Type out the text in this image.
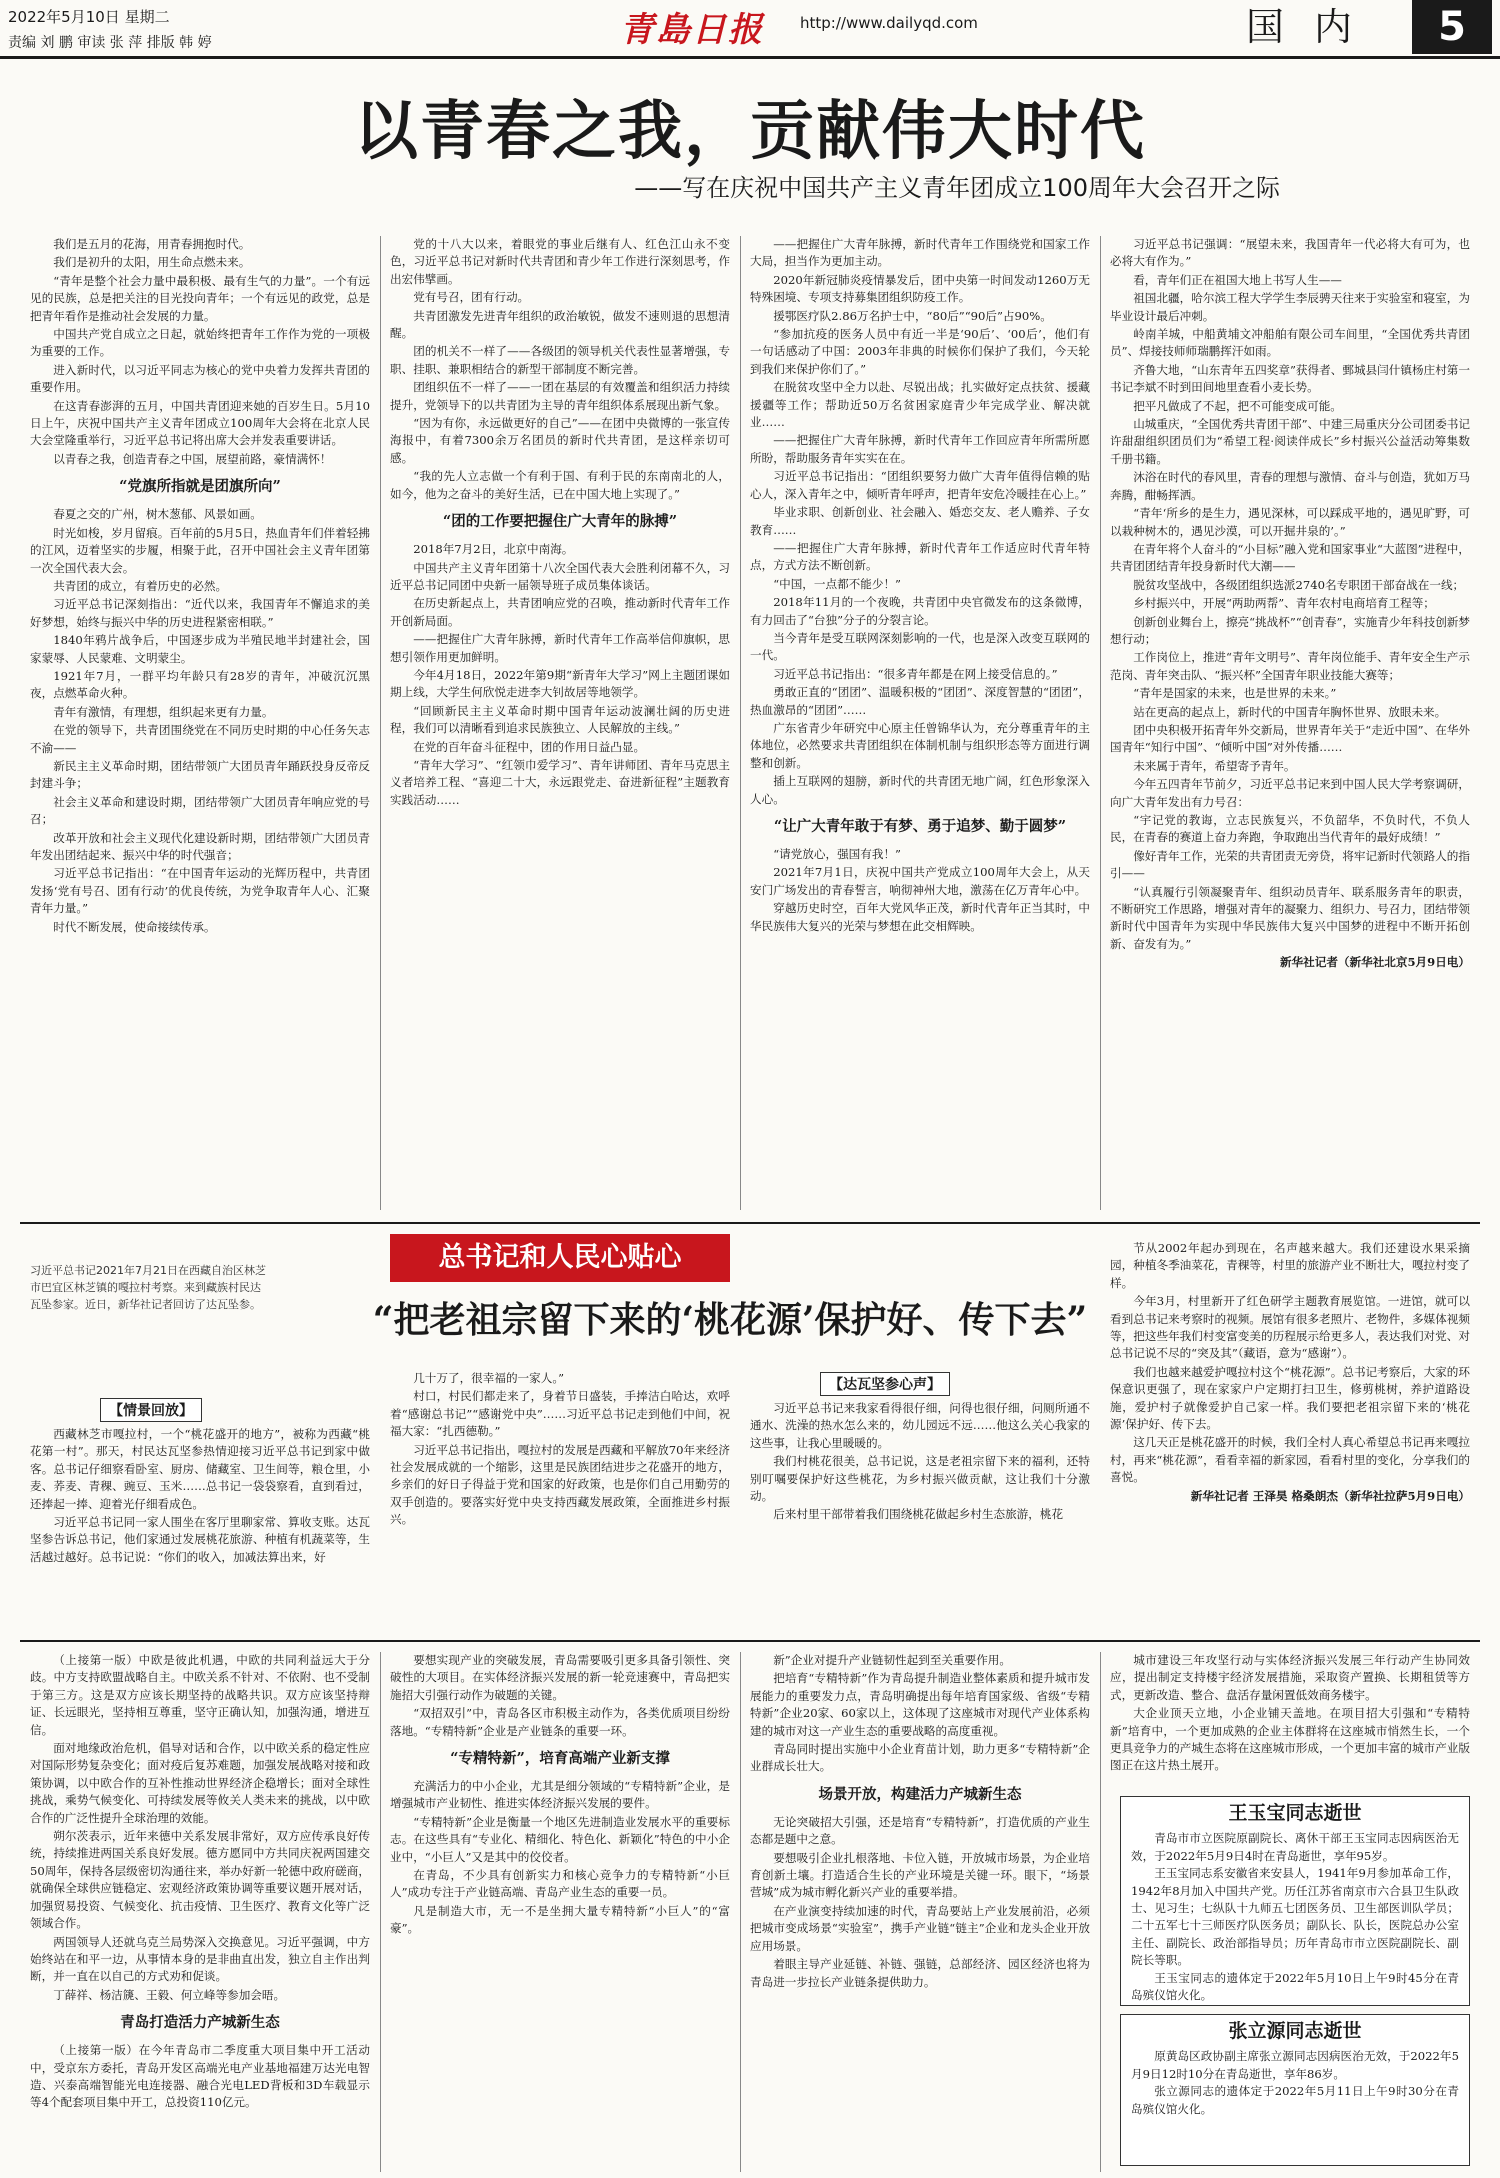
2022年5月10日 星期二
责编 刘 鹏 审读 张 萍 排版 韩 婷	青島日报 http://www.dailyqd.com	国内	5
以青春之我，贡献伟大时代
——写在庆祝中国共产主义青年团成立100周年大会召开之际

我们是五月的花海，用青春拥抱时代。

我们是初升的太阳，用生命点燃未来。

“青年是整个社会力量中最积极、最有生气的力量”。一个有远见的民族，总是把关注的目光投向青年；一个有远见的政党，总是把青年看作是推动社会发展的力量。

中国共产党自成立之日起，就始终把青年工作作为党的一项极为重要的工作。

进入新时代，以习近平同志为核心的党中央着力发挥共青团的重要作用。

在这青春澎湃的五月，中国共青团迎来她的百岁生日。5月10日上午，庆祝中国共产主义青年团成立100周年大会将在北京人民大会堂隆重举行，习近平总书记将出席大会并发表重要讲话。

以青春之我，创造青春之中国，展望前路，豪情满怀！

“党旗所指就是团旗所向”

春夏之交的广州，树木葱郁、风景如画。

时光如梭，岁月留痕。百年前的5月5日，热血青年们伴着轻拂的江风，迈着坚实的步履，相聚于此，召开中国社会主义青年团第一次全国代表大会。

共青团的成立，有着历史的必然。

习近平总书记深刻指出：“近代以来，我国青年不懈追求的美好梦想，始终与振兴中华的历史进程紧密相联。”

1840年鸦片战争后，中国逐步成为半殖民地半封建社会，国家蒙辱、人民蒙难、文明蒙尘。

1921年7月，一群平均年龄只有28岁的青年，冲破沉沉黑夜，点燃革命火种。

青年有激情，有理想，组织起来更有力量。

在党的领导下，共青团围绕党在不同历史时期的中心任务矢志不渝——

新民主主义革命时期，团结带领广大团员青年踊跃投身反帝反封建斗争；

社会主义革命和建设时期，团结带领广大团员青年响应党的号召；

改革开放和社会主义现代化建设新时期，团结带领广大团员青年发出团结起来、振兴中华的时代强音；

习近平总书记指出：“在中国青年运动的光辉历程中，共青团发扬‘党有号召、团有行动’的优良传统，为党争取青年人心、汇聚青年力量。”

时代不断发展，使命接续传承。

党的十八大以来，着眼党的事业后继有人、红色江山永不变色，习近平总书记对新时代共青团和青少年工作进行深刻思考，作出宏伟擘画。

党有号召，团有行动。

共青团激发先进青年组织的政治敏锐，做发不速则退的思想清醒。

团的机关不一样了——各级团的领导机关代表性显著增强，专职、挂职、兼职相结合的新型干部制度不断完善。

团组织伍不一样了——一团在基层的有效覆盖和组织活力持续提升，党领导下的以共青团为主导的青年组织体系展现出新气象。

“因为有你，永远做更好的自己”——在团中央微博的一张宣传海报中，有着7300余万名团员的新时代共青团，是这样亲切可感。

“我的先人立志做一个有利于国、有利于民的东南南北的人，如今，他为之奋斗的美好生活，已在中国大地上实现了。”

“团的工作要把握住广大青年的脉搏”

2018年7月2日，北京中南海。

中国共产主义青年团第十八次全国代表大会胜利闭幕不久，习近平总书记同团中央新一届领导班子成员集体谈话。

在历史新起点上，共青团响应党的召唤，推动新时代青年工作开创新局面。

——把握住广大青年脉搏，新时代青年工作高举信仰旗帜，思想引领作用更加鲜明。

今年4月18日，2022年第9期“新青年大学习”网上主题团课如期上线，大学生何欣悦走进李大钊故居等地领学。

“回顾新民主主义革命时期中国青年运动波澜壮阔的历史进程，我们可以清晰看到追求民族独立、人民解放的主线。”

在党的百年奋斗征程中，团的作用日益凸显。

“青年大学习”、“红领巾爱学习”、青年讲师团、青年马克思主义者培养工程、“喜迎二十大，永远跟党走、奋进新征程”主题教育实践活动……

——把握住广大青年脉搏，新时代青年工作围绕党和国家工作大局，担当作为更加主动。

2020年新冠肺炎疫情暴发后，团中央第一时间发动1260万无特殊困境、专项支持募集团组织防疫工作。

援鄂医疗队2.86万名护士中，“80后”“90后”占90%。

“参加抗疫的医务人员中有近一半是‘90后’、‘00后’，他们有一句话感动了中国：2003年非典的时候你们保护了我们，今天轮到我们来保护你们了。”

在脱贫攻坚中全力以赴、尽锐出战；扎实做好定点扶贫、援藏援疆等工作；帮助近50万名贫困家庭青少年完成学业、解决就业……

——把握住广大青年脉搏，新时代青年工作回应青年所需所愿所盼，帮助服务青年实实在在。

习近平总书记指出：“团组织要努力做广大青年值得信赖的贴心人，深入青年之中，倾听青年呼声，把青年安危冷暖挂在心上。”

毕业求职、创新创业、社会融入、婚恋交友、老人赡养、子女教育……

——把握住广大青年脉搏，新时代青年工作适应时代青年特点，方式方法不断创新。

“中国，一点都不能少！”

2018年11月的一个夜晚，共青团中央官微发布的这条微博，有力回击了“台独”分子的分裂言论。

当今青年是受互联网深刻影响的一代，也是深入改变互联网的一代。

习近平总书记指出：“很多青年都是在网上接受信息的。”

勇敢正直的“团团”、温暖积极的“团团”、深度智慧的“团团”，热血激昂的“团团”……

广东省青少年研究中心原主任曾锦华认为，充分尊重青年的主体地位，必然要求共青团组织在体制机制与组织形态等方面进行调整和创新。

插上互联网的翅膀，新时代的共青团无地广阔，红色形象深入人心。

“让广大青年敢于有梦、勇于追梦、勤于圆梦”

“请党放心，强国有我！”

2021年7月1日，庆祝中国共产党成立100周年大会上，从天安门广场发出的青春誓言，响彻神州大地，激荡在亿万青年心中。

穿越历史时空，百年大党风华正茂，新时代青年正当其时，中华民族伟大复兴的光荣与梦想在此交相辉映。

习近平总书记强调：“展望未来，我国青年一代必将大有可为，也必将大有作为。”

看，青年们正在祖国大地上书写人生——

祖国北疆，哈尔滨工程大学学生李辰骋天往来于实验室和寝室，为毕业设计最后冲刺。

岭南羊城，中船黄埔文冲船舶有限公司车间里，“全国优秀共青团员”、焊接技师师瑞鹏挥汗如雨。

齐鲁大地，“山东青年五四奖章”获得者、鄄城县闫什镇杨庄村第一书记李斌不时到田间地里查看小麦长势。

把平凡做成了不起，把不可能变成可能。

山城重庆，“全国优秀共青团干部”、中建三局重庆分公司团委书记许甜甜组织团员们为“希望工程·阅读伴成长”乡村振兴公益活动筹集数千册书籍。

沐浴在时代的春风里，青春的理想与激情、奋斗与创造，犹如万马奔腾，酣畅挥洒。

“青年‘所乡的是生力，遇见深林，可以踩成平地的，遇见旷野，可以栽种树木的，遇见沙漠，可以开掘井泉的’。”

在青年将个人奋斗的“小目标”融入党和国家事业“大蓝图”进程中，共青团团结青年投身新时代大潮——

脱贫攻坚战中，各级团组织选派2740名专职团干部奋战在一线；

乡村振兴中，开展“两助两帮”、青年农村电商培育工程等；

创新创业舞台上，擦亮“挑战杯”“创青春”，实施青少年科技创新梦想行动；

工作岗位上，推进“青年文明号”、青年岗位能手、青年安全生产示范岗、青年突击队、“振兴杯”全国青年职业技能大赛等；

“青年是国家的未来，也是世界的未来。”

站在更高的起点上，新时代的中国青年胸怀世界、放眼未来。

团中央积极开拓青年外交新局，世界青年关于“走近中国”、在华外国青年“知行中国”、“倾听中国”对外传播……

未来属于青年，希望寄予青年。

今年五四青年节前夕，习近平总书记来到中国人民大学考察调研，向广大青年发出有力号召：

“宇记党的教诲，立志民族复兴，不负韶华，不负时代，不负人民，在青春的赛道上奋力奔跑，争取跑出当代青年的最好成绩！”

像好青年工作，光荣的共青团责无旁贷，将牢记新时代领路人的指引——

“认真履行引领凝聚青年、组织动员青年、联系服务青年的职责，不断研究工作思路，增强对青年的凝聚力、组织力、号召力，团结带领新时代中国青年为实现中华民族伟大复兴中国梦的进程中不断开拓创新、奋发有为。”

新华社记者（新华社北京5月9日电）

习近平总书记2021年7月21日在西藏自治区林芝市巴宜区林芝镇的嘎拉村考察。来到藏族村民达瓦坠参家。近日，新华社记者回访了达瓦坠参。
总书记和人民心贴心
“把老祖宗留下来的‘桃花源’保护好、传下去”
【情景回放】

西藏林芝市嘎拉村，一个“桃花盛开的地方”，被称为西藏“桃花第一村”。那天，村民达瓦坚参热情迎接习近平总书记到家中做客。总书记仔细察看卧室、厨房、储藏室、卫生间等，粮仓里，小麦、荞麦、青稞、豌豆、玉米……总书记一袋袋察看，直到看过，还捧起一捧、迎着光仔细看成色。

习近平总书记同一家人围坐在客厅里聊家常、算收支账。达瓦坚参告诉总书记，他们家通过发展桃花旅游、种植有机蔬菜等，生活越过越好。总书记说：“你们的收入，加减法算出来，好

几十万了，很幸福的一家人。”

村口，村民们都走来了，身着节日盛装，手捧洁白哈达，欢呼着“感谢总书记”“感谢党中央”……习近平总书记走到他们中间，祝福大家：“扎西德勒。”

习近平总书记指出，嘎拉村的发展是西藏和平解放70年来经济社会发展成就的一个缩影，这里是民族团结进步之花盛开的地方，乡亲们的好日子得益于党和国家的好政策，也是你们自己用勤劳的双手创造的。要落实好党中央支持西藏发展政策，全面推进乡村振兴。

【达瓦坚参心声】

习近平总书记来我家看得很仔细，问得也很仔细，问厕所通不通水、洗澡的热水怎么来的，幼儿园远不远……他这么关心我家的这些事，让我心里暖暖的。

我们村桃花很美，总书记说，这是老祖宗留下来的福利，还特别叮嘱要保护好这些桃花，为乡村振兴做贡献，这让我们十分激动。

后来村里干部带着我们围绕桃花做起乡村生态旅游，桃花

节从2002年起办到现在，名声越来越大。我们还建设水果采摘园，种植冬季油菜花，青稞等，村里的旅游产业不断壮大，嘎拉村变了样。

今年3月，村里新开了红色研学主题教育展览馆。一进馆，就可以看到总书记来考察时的视频。展馆有很多老照片、老物件，多媒体视频等，把这些年我们村变富变美的历程展示给更多人，表达我们对党、对总书记说不尽的“突及其”（藏语，意为“感谢”）。

我们也越来越爱护嘎拉村这个“桃花源”。总书记考察后，大家的环保意识更强了，现在家家户户定期打扫卫生，修剪桃树，养护道路设施，爱护村子就像爱护自己家一样。我们要把老祖宗留下来的‘桃花源’保护好、传下去。

这几天正是桃花盛开的时候，我们全村人真心希望总书记再来嘎拉村，再来“桃花源”，看看幸福的新家园，看看村里的变化，分享我们的喜悦。

新华社记者 王泽昊 格桑朗杰（新华社拉萨5月9日电）

（上接第一版）中欧是彼此机遇，中欧的共同利益远大于分歧。中方支持欧盟战略自主。中欧关系不针对、不依附、也不受制于第三方。这是双方应该长期坚持的战略共识。双方应该坚持辩证、长远眼光，坚持相互尊重，坚守正确认知，加强沟通，增进互信。

面对地缘政治危机，倡导对话和合作，以中欧关系的稳定性应对国际形势复杂变化；面对疫后复苏难题，加强发展战略对接和政策协调，以中欧合作的互补性推动世界经济企稳增长；面对全球性挑战，乘势气候变化、可持续发展等攸关人类未来的挑战，以中欧合作的广泛性提升全球治理的效能。

朔尔茨表示，近年来德中关系发展非常好，双方应传承良好传统，持续推进两国关系良好发展。德方愿同中方共同庆祝两国建交50周年，保持各层级密切沟通往来，举办好新一轮德中政府磋商，就确保全球供应链稳定、宏观经济政策协调等重要议题开展对话，加强贸易投资、气候变化、抗击疫情、卫生医疗、教育文化等广泛领域合作。

两国领导人还就乌克兰局势深入交换意见。习近平强调，中方始终站在和平一边，从事情本身的是非曲直出发，独立自主作出判断，并一直在以自己的方式劝和促谈。

丁薛祥、杨洁篪、王毅、何立峰等参加会晤。

青岛打造活力产城新生态

（上接第一版）在今年青岛市二季度重大项目集中开工活动中，受京东方委托，青岛开发区高端光电产业基地福建万达光电智造、兴泰高端智能光电连接器、融合光电LED背板和3D车载显示等4个配套项目集中开工，总投资110亿元。

要想实现产业的突破发展，青岛需要吸引更多具备引领性、突破性的大项目。在实体经济振兴发展的新一轮竞速赛中，青岛把实施招大引强行动作为破题的关键。

“双招双引”中，青岛各区市积极主动作为，各类优质项目纷纷落地。“专精特新”企业是产业链条的重要一环。

“专精特新”，培育高端产业新支撑

充满活力的中小企业，尤其是细分领域的“专精特新”企业，是增强城市产业韧性、推进实体经济振兴发展的要件。

“专精特新”企业是衡量一个地区先进制造业发展水平的重要标志。在这些具有“专业化、精细化、特色化、新颖化”特色的中小企业中，“小巨人”又是其中的佼佼者。

在青岛，不少具有创新实力和核心竞争力的专精特新“小巨人”成功专注于产业链高端、青岛产业生态的重要一员。

凡是制造大市，无一不是坐拥大量专精特新“小巨人”的“富豪”。

新”企业对提升产业链韧性起到至关重要作用。

把培育“专精特新”作为青岛提升制造业整体素质和提升城市发展能力的重要发力点，青岛明确提出每年培育国家级、省级“专精特新”企业20家、60家以上，这体现了这座城市对现代产业体系构建的城市对这一产业生态的重要战略的高度重视。

青岛同时提出实施中小企业育苗计划，助力更多“专精特新”企业群成长壮大。

场景开放，构建活力产城新生态

无论突破招大引强，还是培育“专精特新”，打造优质的产业生态都是题中之意。

要想吸引企业扎根落地、卡位入链，开放城市场景，为企业培育创新土壤。打造适合生长的产业环境是关键一环。眼下，“场景营城”成为城市孵化新兴产业的重要举措。

在产业演变持续加速的时代，青岛要站上产业发展前沿，必须把城市变成场景“实验室”，携手产业链“链主”企业和龙头企业开放应用场景。

着眼主导产业延链、补链、强链，总部经济、园区经济也将为青岛进一步拉长产业链条提供助力。

城市建设三年攻坚行动与实体经济振兴发展三年行动产生协同效应，提出制定支持楼宇经济发展措施，采取资产置换、长期租赁等方式，更新改造、整合、盘活存量闲置低效商务楼宇。

大企业顶天立地，小企业铺天盖地。在项目招大引强和“专精特新”培育中，一个更加成熟的企业主体群将在这座城市悄然生长，一个更具竞争力的产城生态将在这座城市形成，一个更加丰富的城市产业版图正在这片热土展开。

王玉宝同志逝世

青岛市市立医院原副院长、离休干部王玉宝同志因病医治无效，于2022年5月9日4时在青岛逝世，享年95岁。

王玉宝同志系安徽省来安县人，1941年9月参加革命工作，1942年8月加入中国共产党。历任江苏省南京市六合县卫生队政士、见习生；七纵队十九师五七团医务员、卫生部医训队学员；二十五军七十三师医疗队医务员；副队长、队长，医院总办公室主任、副院长、政治部指导员；历年青岛市市立医院副院长、副院长等职。

王玉宝同志的遗体定于2022年5月10日上午9时45分在青岛殡仪馆火化。

张立源同志逝世

原黄岛区政协副主席张立源同志因病医治无效，于2022年5月9日12时10分在青岛逝世，享年86岁。

张立源同志的遗体定于2022年5月11日上午9时30分在青岛殡仪馆火化。
